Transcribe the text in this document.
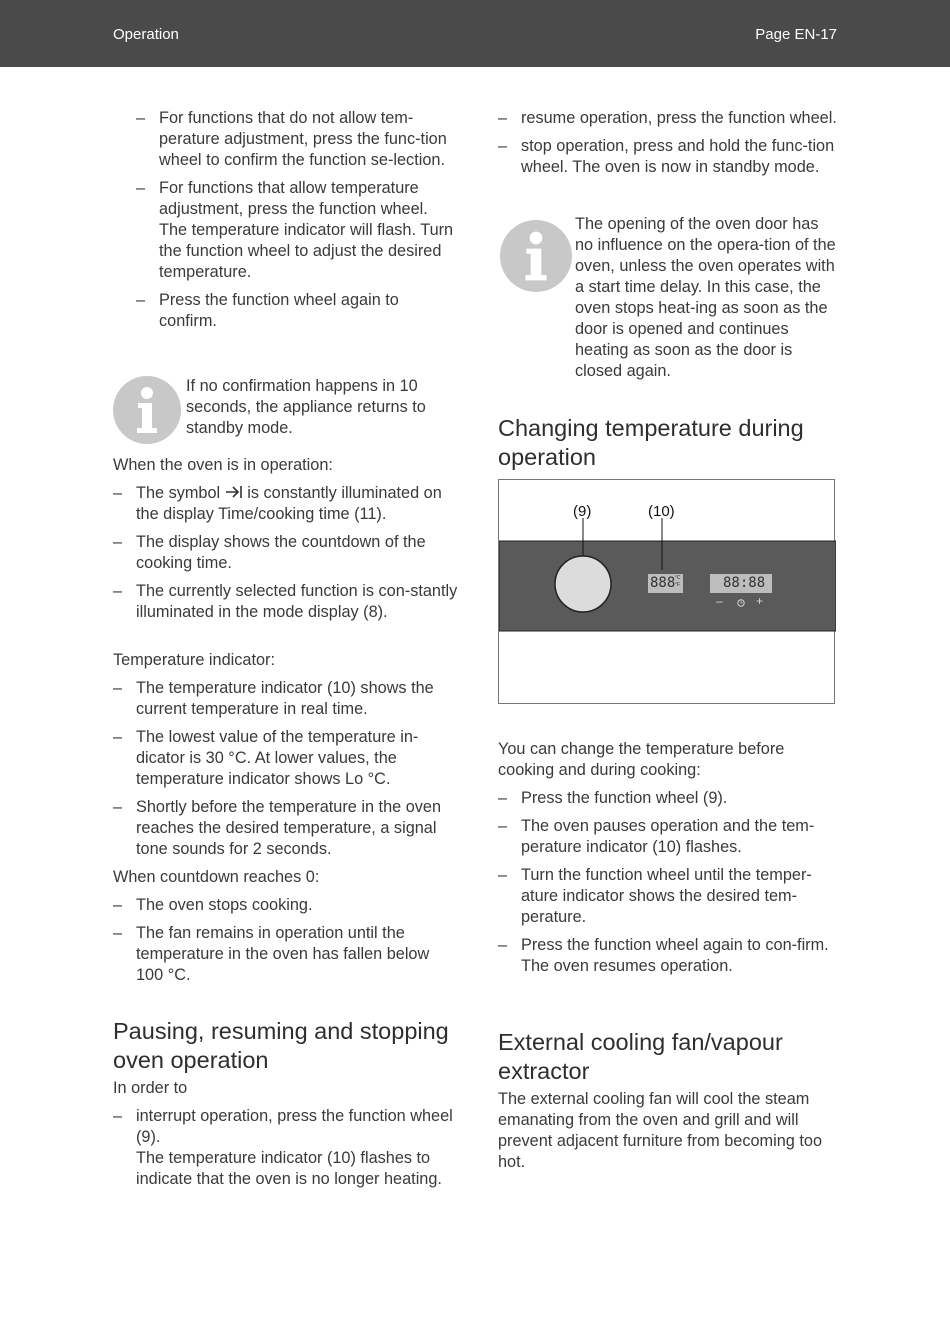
Operation	Page EN-17
– For functions that do not allow tem-perature adjustment, press the func-tion wheel to confirm the function se-lection.
– For functions that allow temperature adjustment, press the function wheel. The temperature indicator will flash. Turn the function wheel to adjust the desired temperature.
– Press the function wheel again to confirm.

If no confirmation happens in 10 seconds, the appliance returns to standby mode.

When the oven is in operation:

– The symbol is constantly illuminated on the display Time/cooking time (11).
– The display shows the countdown of the cooking time.
– The currently selected function is con-stantly illuminated in the mode display (8).

Temperature indicator:

– The temperature indicator (10) shows the current temperature in real time.
– The lowest value of the temperature in-dicator is 30 °C. At lower values, the temperature indicator shows Lo °C.
– Shortly before the temperature in the oven reaches the desired temperature, a signal tone sounds for 2 seconds.

When countdown reaches 0:

– The oven stops cooking.
– The fan remains in operation until the temperature in the oven has fallen below 100 °C.
Pausing, resuming and stopping oven operation

In order to

– interrupt operation, press the function wheel (9).
The temperature indicator (10) flashes to indicate that the oven is no longer heating.
– resume operation, press the function wheel.
– stop operation, press and hold the func-tion wheel. The oven is now in standby mode.

The opening of the oven door has no influence on the opera-tion of the oven, unless the oven operates with a start time delay. In this case, the oven stops heat-ing as soon as the door is opened and continues heating as soon as the door is closed again.

Changing temperature during operation
(9)	(10)
888 °C
°F	88:88
–	+

You can change the temperature before cooking and during cooking:

– Press the function wheel (9).
– The oven pauses operation and the tem-perature indicator (10) flashes.
– Turn the function wheel until the temper-ature indicator shows the desired tem-perature.
– Press the function wheel again to con-firm. The oven resumes operation.
External cooling fan/vapour extractor

The external cooling fan will cool the steam emanating from the oven and grill and will prevent adjacent furniture from becoming too hot.
